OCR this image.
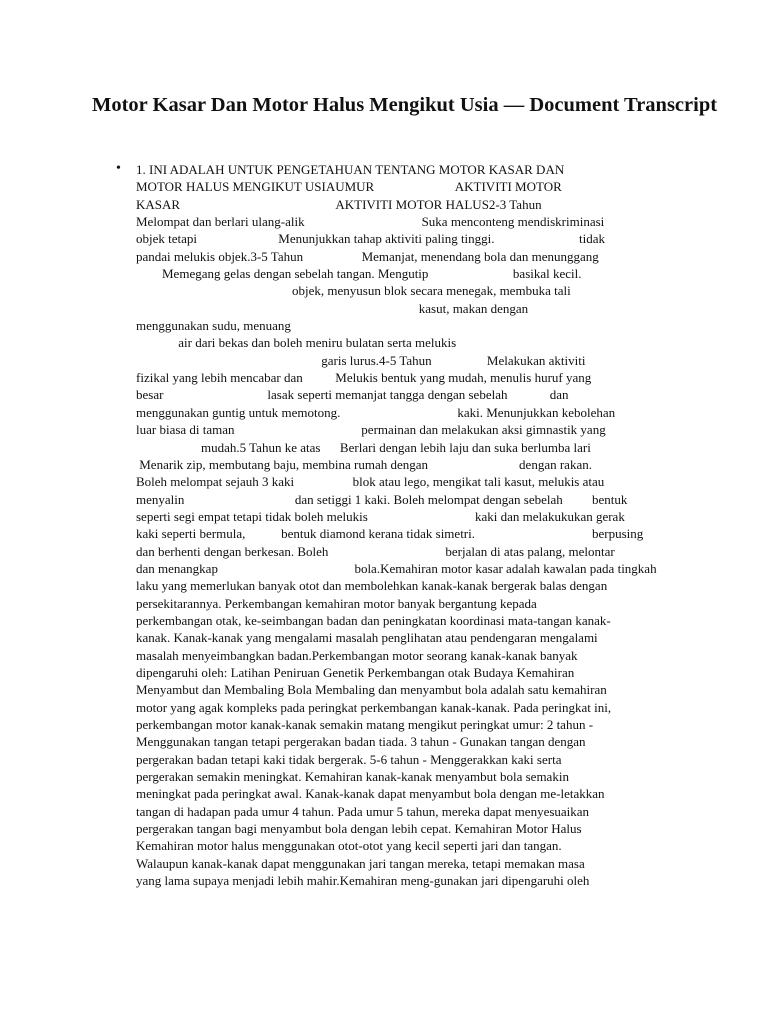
Motor Kasar Dan Motor Halus Mengikut Usia — Document Transcript
• 1. INI ADALAH UNTUK PENGETAHUAN TENTANG MOTOR KASAR DAN
MOTOR HALUS MENGIKUT USIAUMUR                         AKTIVITI MOTOR
KASAR                                                AKTIVITI MOTOR HALUS2-3 Tahun
Melompat dan berlari ulang-alik                                    Suka menconteng mendiskriminasi
objek tetapi                         Menunjukkan tahap aktiviti paling tinggi.                          tidak
pandai melukis objek.3-5 Tahun                  Memanjat, menendang bola dan menunggang
Memegang gelas dengan sebelah tangan. Mengutip                          basikal kecil.
objek, menyusun blok secara menegak, membuka tali
kasut, makan dengan
menggunakan sudu, menuang
air dari bekas dan boleh meniru bulatan serta melukis
garis lurus.4-5 Tahun                 Melakukan aktiviti
fizikal yang lebih mencabar dan          Melukis bentuk yang mudah, menulis huruf yang
besar                                lasak seperti memanjat tangga dengan sebelah             dan
menggunakan guntig untuk memotong.                                    kaki. Menunjukkan kebolehan
luar biasa di taman                                       permainan dan melakukan aksi gimnastik yang
mudah.5 Tahun ke atas      Berlari dengan lebih laju dan suka berlumba lari
Menarik zip, membutang baju, membina rumah dengan                            dengan rakan.
Boleh melompat sejauh 3 kaki                  blok atau lego, mengikat tali kasut, melukis atau
menyalin                                  dan setiggi 1 kaki. Boleh melompat dengan sebelah         bentuk
seperti segi empat tetapi tidak boleh melukis                                 kaki dan melakukukan gerak
kaki seperti bermula,           bentuk diamond kerana tidak simetri.                                    berpusing
dan berhenti dengan berkesan. Boleh                                    berjalan di atas palang, melontar
dan menangkap                                          bola.Kemahiran motor kasar adalah kawalan pada tingkah
laku yang memerlukan banyak otot dan membolehkan kanak-kanak bergerak balas dengan
persekitarannya. Perkembangan kemahiran motor banyak bergantung kepada
perkembangan otak, ke-seimbangan badan dan peningkatan koordinasi mata-tangan kanak-
kanak. Kanak-kanak yang mengalami masalah penglihatan atau pendengaran mengalami
masalah menyeimbangkan badan.Perkembangan motor seorang kanak-kanak banyak
dipengaruhi oleh: Latihan Peniruan Genetik Perkembangan otak Budaya Kemahiran
Menyambut dan Membaling Bola Membaling dan menyambut bola adalah satu kemahiran
motor yang agak kompleks pada peringkat perkembangan kanak-kanak. Pada peringkat ini,
perkembangan motor kanak-kanak semakin matang mengikut peringkat umur: 2 tahun -
Menggunakan tangan tetapi pergerakan badan tiada. 3 tahun - Gunakan tangan dengan
pergerakan badan tetapi kaki tidak bergerak. 5-6 tahun - Menggerakkan kaki serta
pergerakan semakin meningkat. Kemahiran kanak-kanak menyambut bola semakin
meningkat pada peringkat awal. Kanak-kanak dapat menyambut bola dengan me-letakkan
tangan di hadapan pada umur 4 tahun. Pada umur 5 tahun, mereka dapat menyesuaikan
pergerakan tangan bagi menyambut bola dengan lebih cepat. Kemahiran Motor Halus
Kemahiran motor halus menggunakan otot-otot yang kecil seperti jari dan tangan.
Walaupun kanak-kanak dapat menggunakan jari tangan mereka, tetapi memakan masa
yang lama supaya menjadi lebih mahir.Kemahiran meng-gunakan jari dipengaruhi oleh
